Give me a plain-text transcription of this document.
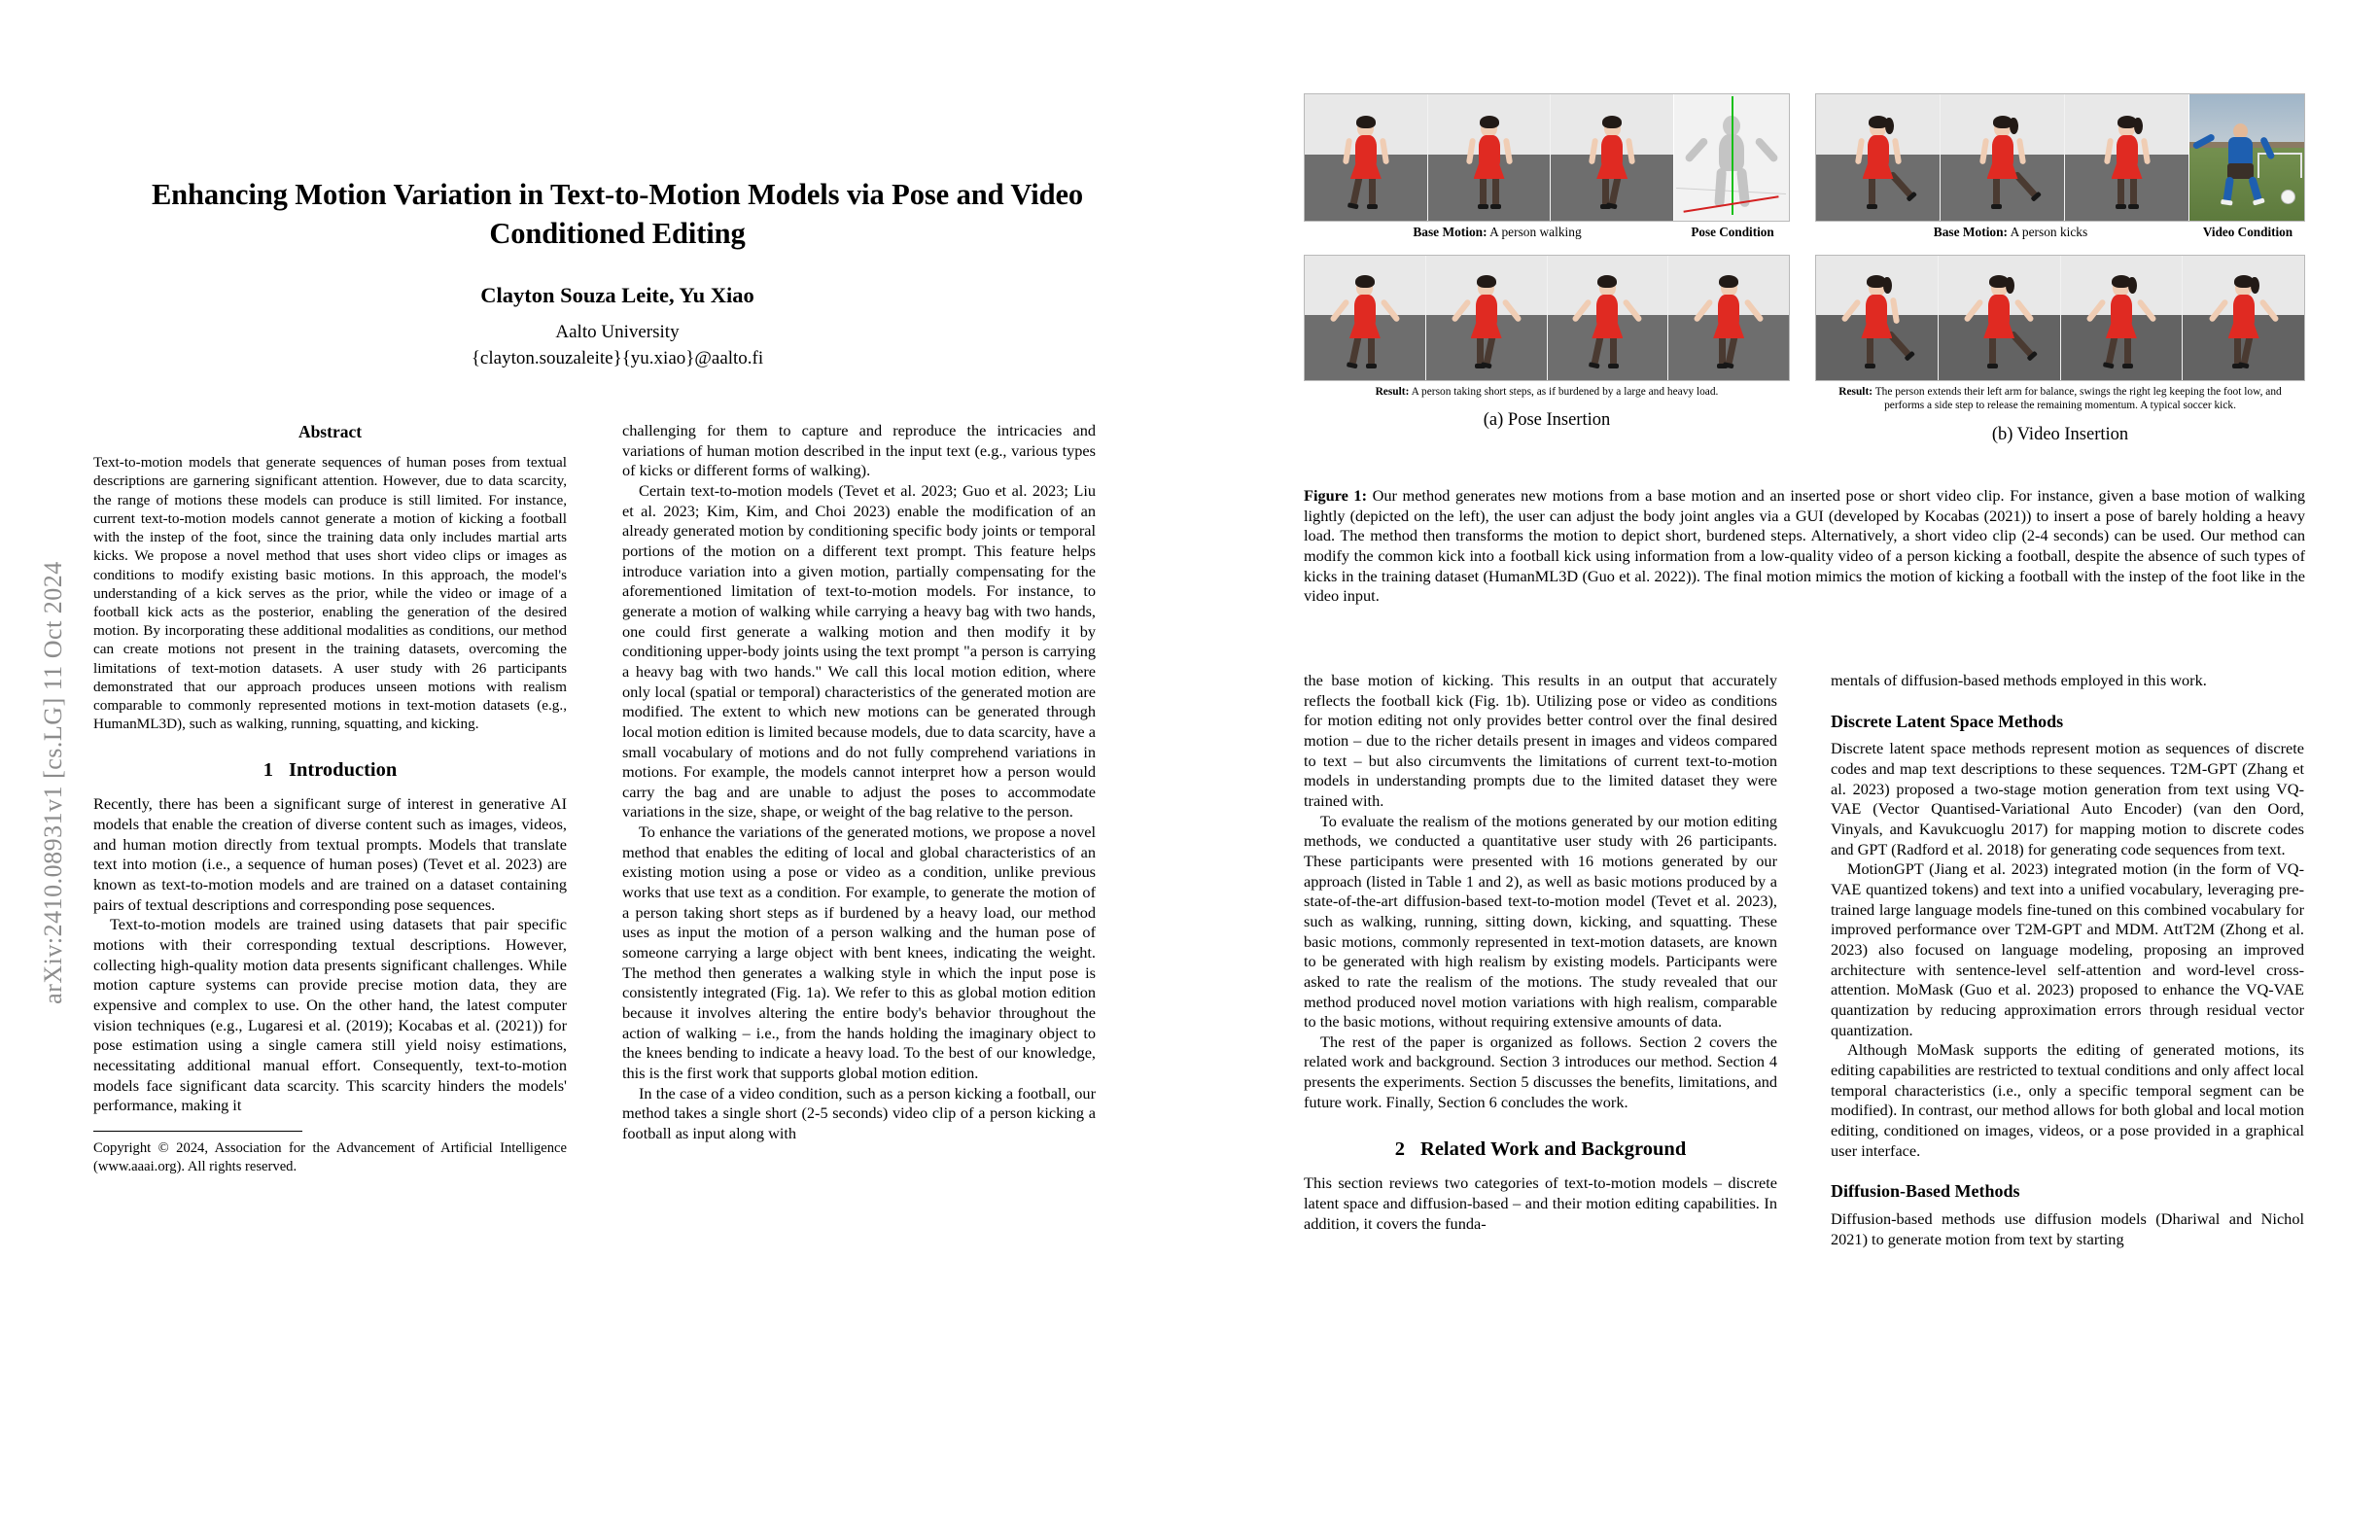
arXiv:2410.08931v1 [cs.LG] 11 Oct 2024
Enhancing Motion Variation in Text-to-Motion Models via Pose and Video
Conditioned Editing
Clayton Souza Leite, Yu Xiao
Aalto University
{clayton.souzaleite}{yu.xiao}@aalto.fi
Abstract

Text-to-motion models that generate sequences of human poses from textual descriptions are garnering significant attention. However, due to data scarcity, the range of motions these models can produce is still limited. For instance, current text-to-motion models cannot generate a motion of kicking a football with the instep of the foot, since the training data only includes martial arts kicks. We propose a novel method that uses short video clips or images as conditions to modify existing basic motions. In this approach, the model's understanding of a kick serves as the prior, while the video or image of a football kick acts as the posterior, enabling the generation of the desired motion. By incorporating these additional modalities as conditions, our method can create motions not present in the training datasets, overcoming the limitations of text-motion datasets. A user study with 26 participants demonstrated that our approach produces unseen motions with realism comparable to commonly represented motions in text-motion datasets (e.g., HumanML3D), such as walking, running, squatting, and kicking.

1 Introduction

Recently, there has been a significant surge of interest in generative AI models that enable the creation of diverse content such as images, videos, and human motion directly from textual prompts. Models that translate text into motion (i.e., a sequence of human poses) (Tevet et al. 2023) are known as text-to-motion models and are trained on a dataset containing pairs of textual descriptions and corresponding pose sequences.

Text-to-motion models are trained using datasets that pair specific motions with their corresponding textual descriptions. However, collecting high-quality motion data presents significant challenges. While motion capture systems can provide precise motion data, they are expensive and complex to use. On the other hand, the latest computer vision techniques (e.g., Lugaresi et al. (2019); Kocabas et al. (2021)) for pose estimation using a single camera still yield noisy estimations, necessitating additional manual effort. Consequently, text-to-motion models face significant data scarcity. This scarcity hinders the models' performance, making it

Copyright © 2024, Association for the Advancement of Artificial Intelligence (www.aaai.org). All rights reserved.

challenging for them to capture and reproduce the intricacies and variations of human motion described in the input text (e.g., various types of kicks or different forms of walking).

Certain text-to-motion models (Tevet et al. 2023; Guo et al. 2023; Liu et al. 2023; Kim, Kim, and Choi 2023) enable the modification of an already generated motion by conditioning specific body joints or temporal portions of the motion on a different text prompt. This feature helps introduce variation into a given motion, partially compensating for the aforementioned limitation of text-to-motion models. For instance, to generate a motion of walking while carrying a heavy bag with two hands, one could first generate a walking motion and then modify it by conditioning upper-body joints using the text prompt "a person is carrying a heavy bag with two hands." We call this local motion edition, where only local (spatial or temporal) characteristics of the generated motion are modified. The extent to which new motions can be generated through local motion edition is limited because models, due to data scarcity, have a small vocabulary of motions and do not fully comprehend variations in motions. For example, the models cannot interpret how a person would carry the bag and are unable to adjust the poses to accommodate variations in the size, shape, or weight of the bag relative to the person.

To enhance the variations of the generated motions, we propose a novel method that enables the editing of local and global characteristics of an existing motion using a pose or video as a condition, unlike previous works that use text as a condition. For example, to generate the motion of a person taking short steps as if burdened by a heavy load, our method uses as input the motion of a person walking and the human pose of someone carrying a large object with bent knees, indicating the weight. The method then generates a walking style in which the input pose is consistently integrated (Fig. 1a). We refer to this as global motion edition because it involves altering the entire body's behavior throughout the action of walking – i.e., from the hands holding the imaginary object to the knees bending to indicate a heavy load. To the best of our knowledge, this is the first work that supports global motion edition.

In the case of a video condition, such as a person kicking a football, our method takes a single short (2-5 seconds) video clip of a person kicking a football as input along with

Base Motion: A person walking	Pose Condition
Result: A person taking short steps, as if burdened by a large and heavy load.
(a) Pose Insertion
Base Motion: A person kicks	Video Condition
Result: The person extends their left arm for balance, swings the right leg keeping the foot low, and performs a side step to release the remaining momentum. A typical soccer kick.
(b) Video Insertion

Figure 1: Our method generates new motions from a base motion and an inserted pose or short video clip. For instance, given a base motion of walking lightly (depicted on the left), the user can adjust the body joint angles via a GUI (developed by Kocabas (2021)) to insert a pose of barely holding a heavy load. The method then transforms the motion to depict short, burdened steps. Alternatively, a short video clip (2-4 seconds) can be used. Our method can modify the common kick into a football kick using information from a low-quality video of a person kicking a football, despite the absence of such types of kicks in the training dataset (HumanML3D (Guo et al. 2022)). The final motion mimics the motion of kicking a football with the instep of the foot like in the video input.

the base motion of kicking. This results in an output that accurately reflects the football kick (Fig. 1b). Utilizing pose or video as conditions for motion editing not only provides better control over the final desired motion – due to the richer details present in images and videos compared to text – but also circumvents the limitations of current text-to-motion models in understanding prompts due to the limited dataset they were trained with.

To evaluate the realism of the motions generated by our motion editing methods, we conducted a quantitative user study with 26 participants. These participants were presented with 16 motions generated by our approach (listed in Table 1 and 2), as well as basic motions produced by a state-of-the-art diffusion-based text-to-motion model (Tevet et al. 2023), such as walking, running, sitting down, kicking, and squatting. These basic motions, commonly represented in text-motion datasets, are known to be generated with high realism by existing models. Participants were asked to rate the realism of the motions. The study revealed that our method produced novel motion variations with high realism, comparable to the basic motions, without requiring extensive amounts of data.

The rest of the paper is organized as follows. Section 2 covers the related work and background. Section 3 introduces our method. Section 4 presents the experiments. Section 5 discusses the benefits, limitations, and future work. Finally, Section 6 concludes the work.

2 Related Work and Background

This section reviews two categories of text-to-motion models – discrete latent space and diffusion-based – and their motion editing capabilities. In addition, it covers the funda-

mentals of diffusion-based methods employed in this work.

Discrete Latent Space Methods

Discrete latent space methods represent motion as sequences of discrete codes and map text descriptions to these sequences. T2M-GPT (Zhang et al. 2023) proposed a two-stage motion generation from text using VQ-VAE (Vector Quantised-Variational Auto Encoder) (van den Oord, Vinyals, and Kavukcuoglu 2017) for mapping motion to discrete codes and GPT (Radford et al. 2018) for generating code sequences from text.

MotionGPT (Jiang et al. 2023) integrated motion (in the form of VQ-VAE quantized tokens) and text into a unified vocabulary, leveraging pre-trained large language models fine-tuned on this combined vocabulary for improved performance over T2M-GPT and MDM. AttT2M (Zhong et al. 2023) also focused on language modeling, proposing an improved architecture with sentence-level self-attention and word-level cross-attention. MoMask (Guo et al. 2023) proposed to enhance the VQ-VAE quantization by reducing approximation errors through residual vector quantization.

Although MoMask supports the editing of generated motions, its editing capabilities are restricted to textual conditions and only affect local temporal characteristics (i.e., only a specific temporal segment can be modified). In contrast, our method allows for both global and local motion editing, conditioned on images, videos, or a pose provided in a graphical user interface.

Diffusion-Based Methods

Diffusion-based methods use diffusion models (Dhariwal and Nichol 2021) to generate motion from text by starting
